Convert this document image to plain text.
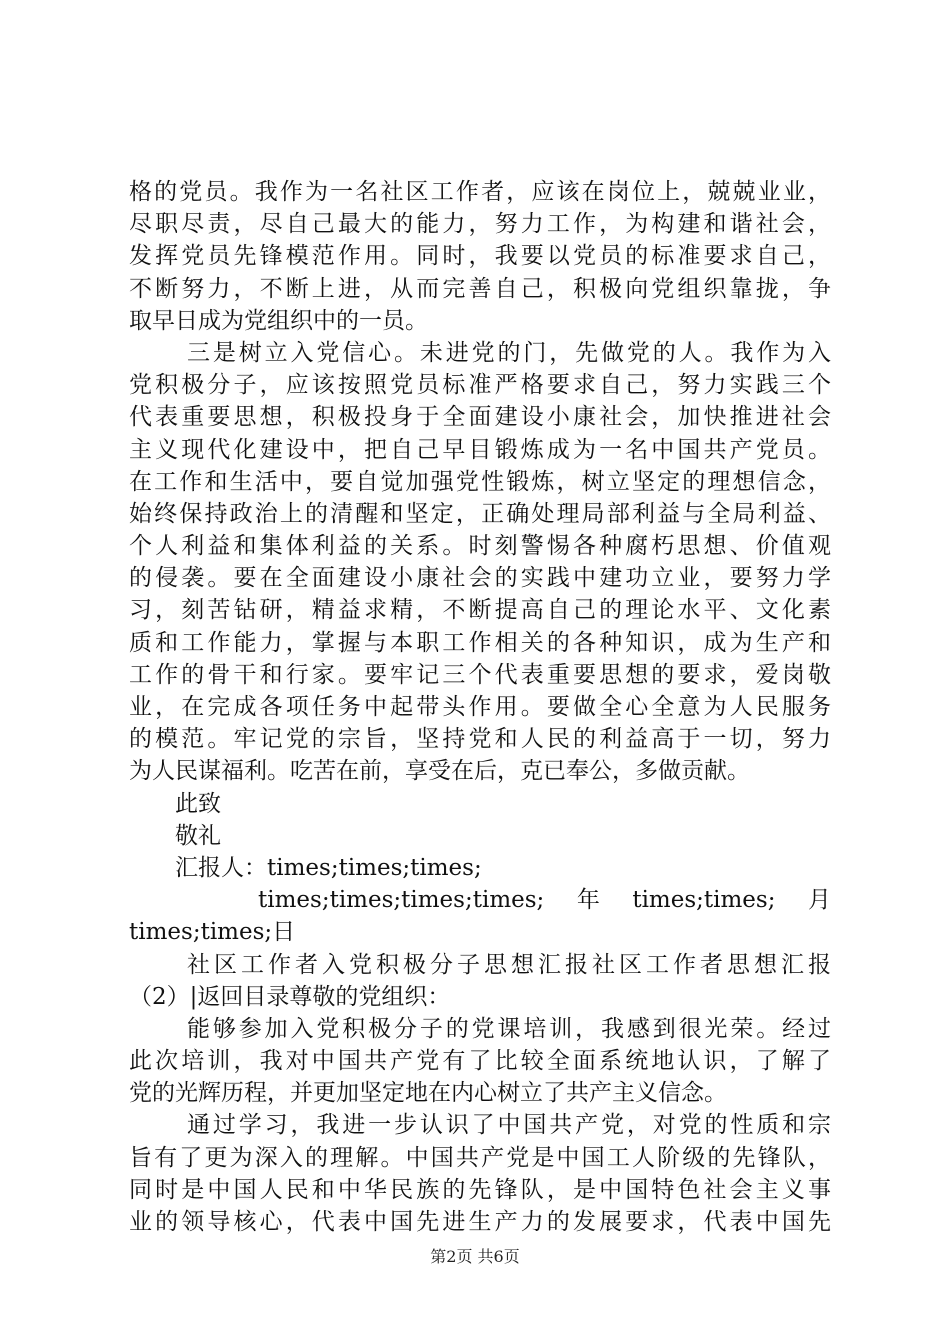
格的党员。我作为一名社区工作者，应该在岗位上，兢兢业业，
尽职尽责，尽自己最大的能力，努力工作，为构建和谐社会，
发挥党员先锋模范作用。同时，我要以党员的标准要求自己，
不断努力，不断上进，从而完善自己，积极向党组织靠拢，争
取早日成为党组织中的一员。
三是树立入党信心。未进党的门，先做党的人。我作为入
党积极分子，应该按照党员标准严格要求自己，努力实践三个
代表重要思想，积极投身于全面建设小康社会，加快推进社会
主义现代化建设中，把自己早目锻炼成为一名中国共产党员。
在工作和生活中，要自觉加强党性锻炼，树立坚定的理想信念，
始终保持政治上的清醒和坚定，正确处理局部利益与全局利益、
个人利益和集体利益的关系。时刻警惕各种腐朽思想、价值观
的侵袭。要在全面建设小康社会的实践中建功立业，要努力学
习，刻苦钻研，精益求精，不断提高自己的理论水平、文化素
质和工作能力，掌握与本职工作相关的各种知识，成为生产和
工作的骨干和行家。要牢记三个代表重要思想的要求，爱岗敬
业，在完成各项任务中起带头作用。要做全心全意为人民服务
的模范。牢记党的宗旨，坚持党和人民的利益高于一切，努力
为人民谋福利。吃苦在前，享受在后，克已奉公，多做贡献。
此致
敬礼
汇报人：times;times;times;
times;times;times;times; 年 times;times; 月
times;times;日
社区工作者入党积极分子思想汇报社区工作者思想汇报
（2）|返回目录尊敬的党组织：
能够参加入党积极分子的党课培训，我感到很光荣。经过
此次培训，我对中国共产党有了比较全面系统地认识，了解了
党的光辉历程，并更加坚定地在内心树立了共产主义信念。
通过学习，我进一步认识了中国共产党，对党的性质和宗
旨有了更为深入的理解。中国共产党是中国工人阶级的先锋队，
同时是中国人民和中华民族的先锋队，是中国特色社会主义事
业的领导核心，代表中国先进生产力的发展要求，代表中国先
第2页 共6页
